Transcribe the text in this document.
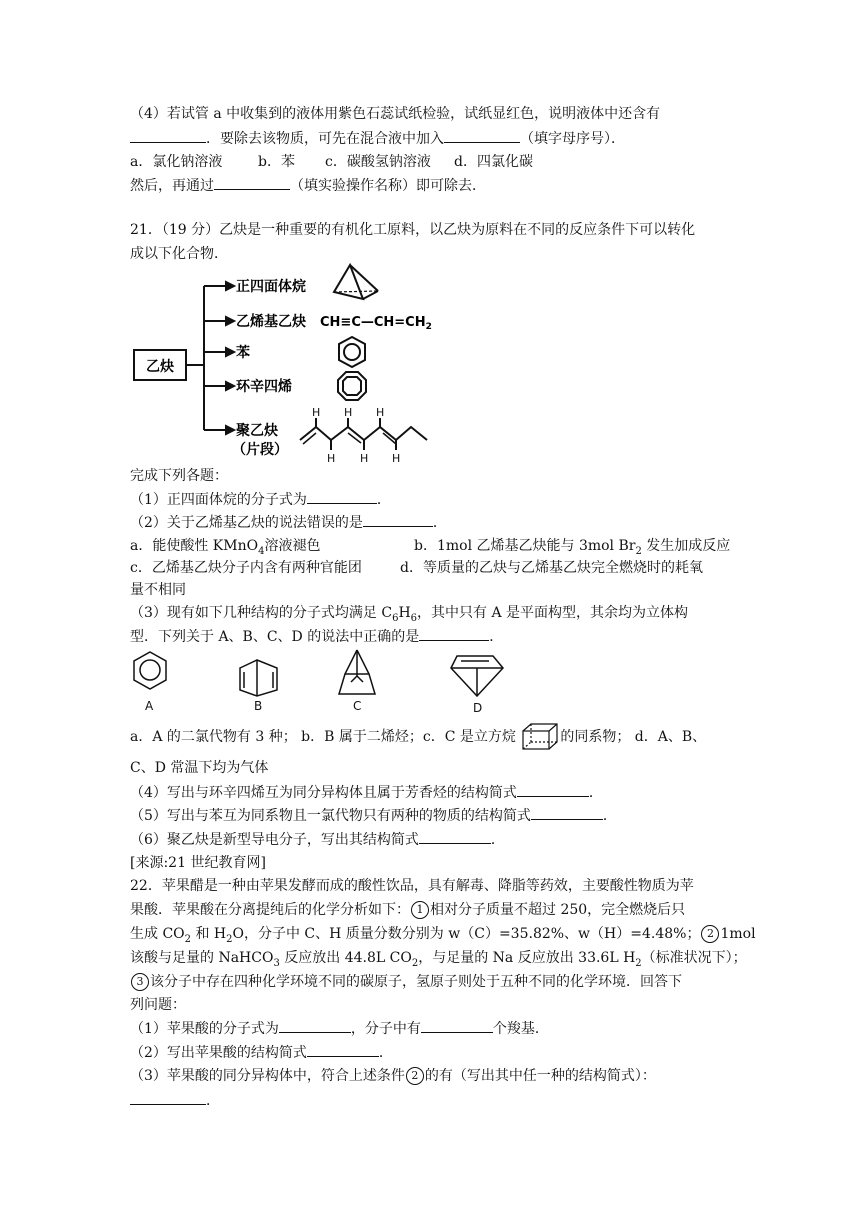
（4）若试管 a 中收集到的液体用紫色石蕊试纸检验，试纸显红色，说明液体中还含有
．要除去该物质，可先在混合液中加入	（填字母序号）．
a．氯化钠溶液	b．苯 c．碳酸氢钠溶液 d．四氯化碳
然后，再通过	（填实验操作名称）即可除去．
21．（19 分）乙炔是一种重要的有机化工原料，以乙炔为原料在不同的反应条件下可以转化
成以下化合物．
乙炔
正四面体烷
乙烯基乙炔
苯
环辛四烯
聚乙炔
（片段）
$CH\equiv C—CH=CH_2$
H H H
H H H
完成下列各题：
（1）正四面体烷的分子式为	．
（2）关于乙烯基乙炔的说法错误的是	．
a．能使酸性 KMnO$_4$溶液褪色	b．1mol 乙烯基乙炔能与 3mol $Br_2$ 发生加成反应
c．乙烯基乙炔分子内含有两种官能团	d．等质量的乙炔与乙烯基乙炔完全燃烧时的耗氧
量不相同
（3）现有如下几种结构的分子式均满足 $C_6H_6$，其中只有 A 是平面构型，其余均为立体构
型．下列关于 A、B、C、D 的说法中正确的是	．
A	B	C	D
a．A 的二氯代物有 3 种； b．B 属于二烯烃；c．C 是立方烷	的同系物； d．A、B、
C、D 常温下均为气体
（4）写出与环辛四烯互为同分异构体且属于芳香烃的结构简式	．
（5）写出与苯互为同系物且一氯代物只有两种的物质的结构简式	．
（6）聚乙炔是新型导电分子，写出其结构简式	．
[来源:21 世纪教育网]
22．苹果醋是一种由苹果发酵而成的酸性饮品，具有解毒、降脂等药效，主要酸性物质为苹
果酸．苹果酸在分离提纯后的化学分析如下： 1 相对分子质量不超过 250，完全燃烧后只
生成 $CO_2$ 和 $H_2O$，分子中 C、H 质量分数分别为 w（C）=35.82%、w（H）=4.48%； 2 1mol
该酸与足量的 NaHCO$_3$ 反应放出 44.8L $CO_2$，与足量的 Na 反应放出 33.6L $H_2$（标准状况下）；
3 该分子中存在四种化学环境不同的碳原子，氢原子则处于五种不同的化学环境．回答下
列问题：
（1）苹果酸的分子式为	，分子中有	个羧基．
（2）写出苹果酸的结构简式	．
（3）苹果酸的同分异构体中，符合上述条件 2 的有（写出其中任一种的结构简式）：
．
